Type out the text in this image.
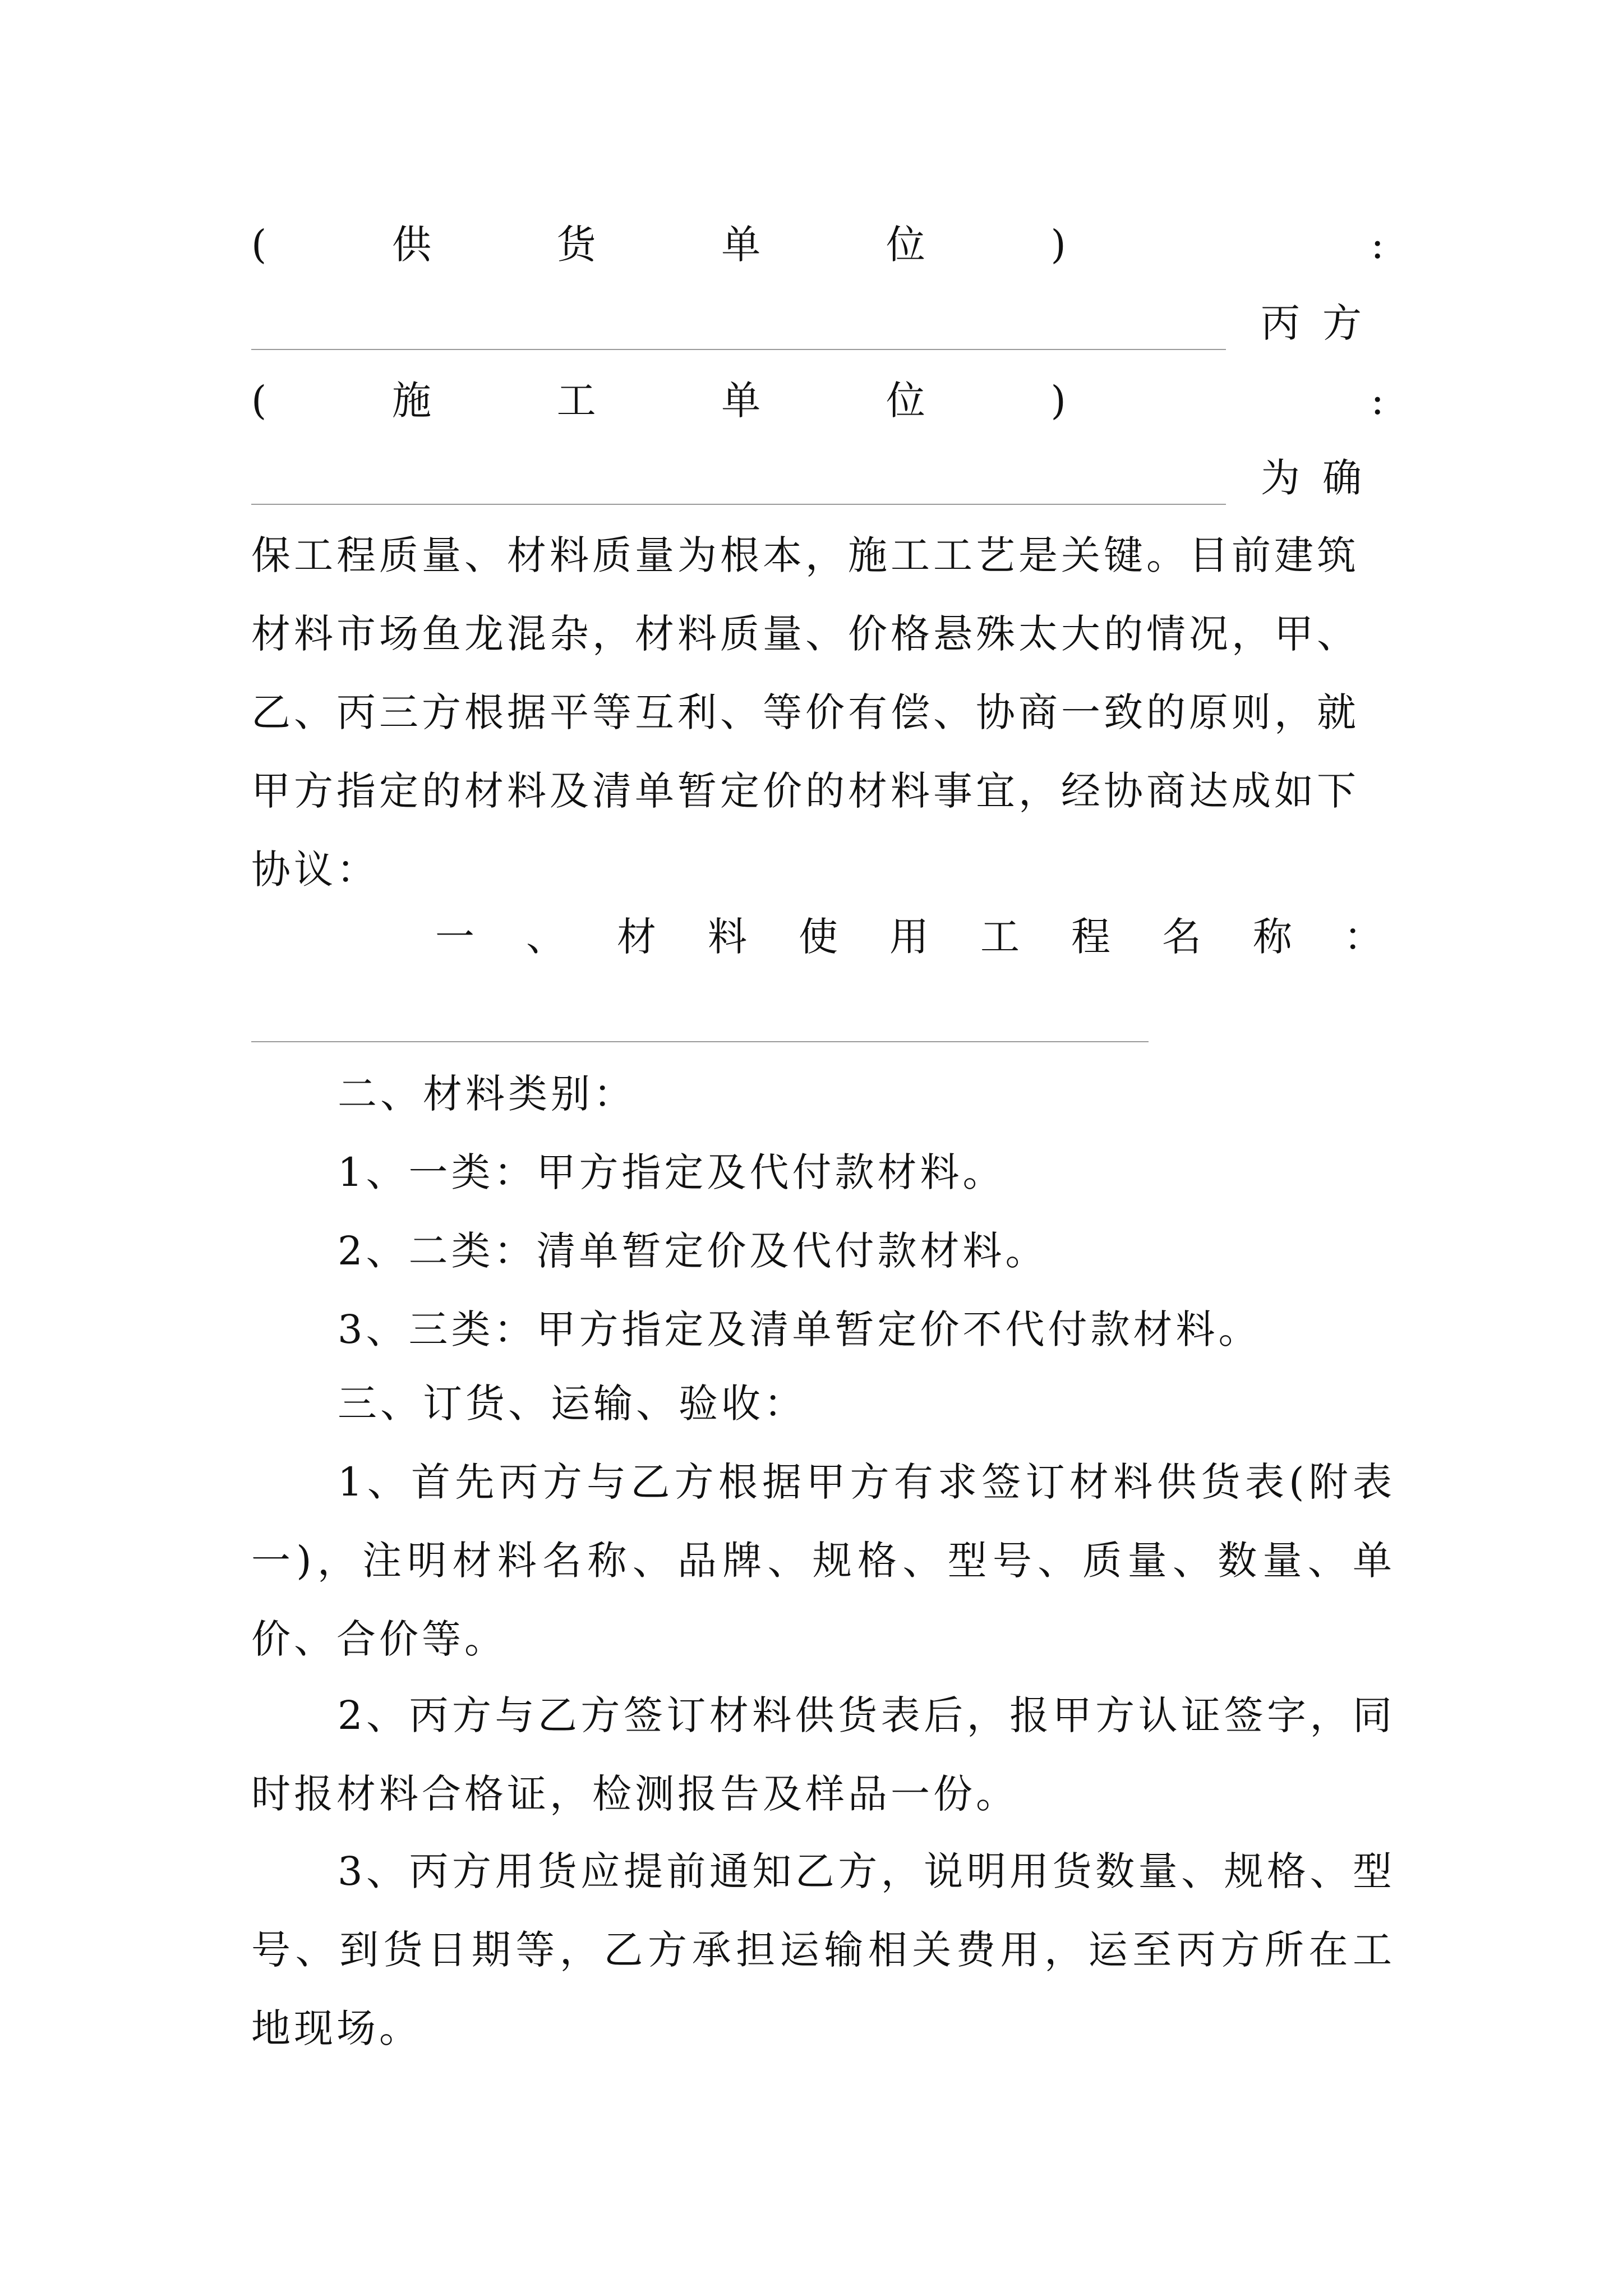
(	供	货	单	位	)	:
丙方
(	施	工	单	位	)	:
为确
保工程质量、材料质量为根本，施工工艺是关键。目前建筑
材料市场鱼龙混杂，材料质量、价格悬殊太大的情况，甲、
乙、丙三方根据平等互利、等价有偿、协商一致的原则，就
甲方指定的材料及清单暂定价的材料事宜，经协商达成如下
协议：
一 、 材 料 使 用 工 程 名 称 ：
二、材料类别：
1、一类：甲方指定及代付款材料。
2、二类：清单暂定价及代付款材料。
3、三类：甲方指定及清单暂定价不代付款材料。
三、订货、运输、验收：
1、首先丙方与乙方根据甲方有求签订材料供货表(附表一)，注明材料名称、品牌、规格、型号、质量、数量、单价、合价等。
2、丙方与乙方签订材料供货表后，报甲方认证签字，同时报材料合格证，检测报告及样品一份。
3、丙方用货应提前通知乙方，说明用货数量、规格、型号、到货日期等，乙方承担运输相关费用，运至丙方所在工地现场。
